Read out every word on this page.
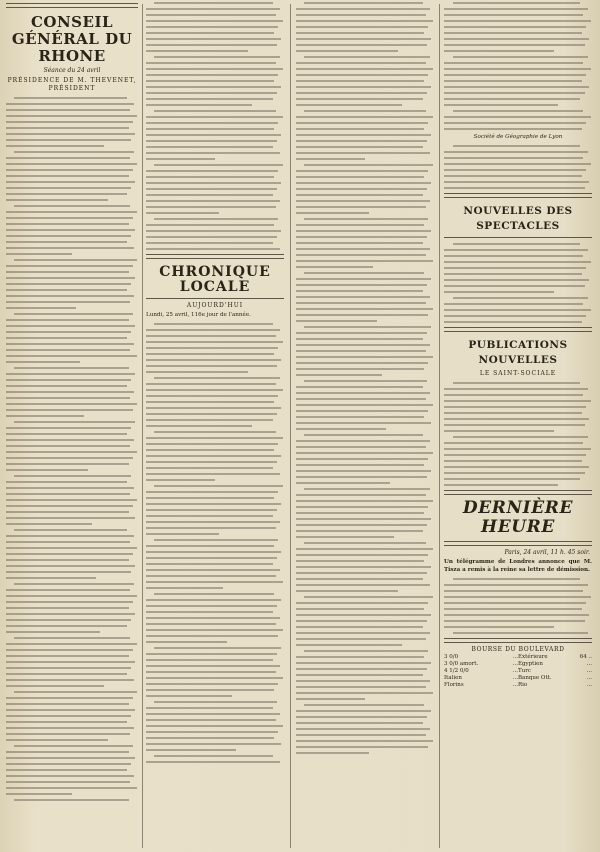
CONSEIL GÉNÉRAL DU RHONE
Séance du 24 avril
PRÉSIDENCE DE M. THEVENET, PRÉSIDENT
CHRONIQUE LOCALE
AUJOURD'HUI
Lundi, 25 avril, 116e jour de l'année.
Société de Géographie de Lyon
NOUVELLES DES SPECTACLES
PUBLICATIONS NOUVELLES
LE SAINT-SOCIALE
DERNIÈRE HEURE
Paris, 24 avril, 11 h. 45 soir.
Un télégramme de Londres annonce que M. Tisza a remis à la reine sa lettre de démission.
BOURSE DU BOULEVARD
3 0/0	... Extérieure	64 ..
3 0/0 amort.	... Egyptien	...
4 1/2 0/0	... Turc	...
Italien	... Banque Ott.	...
Florins	... Rio	...
